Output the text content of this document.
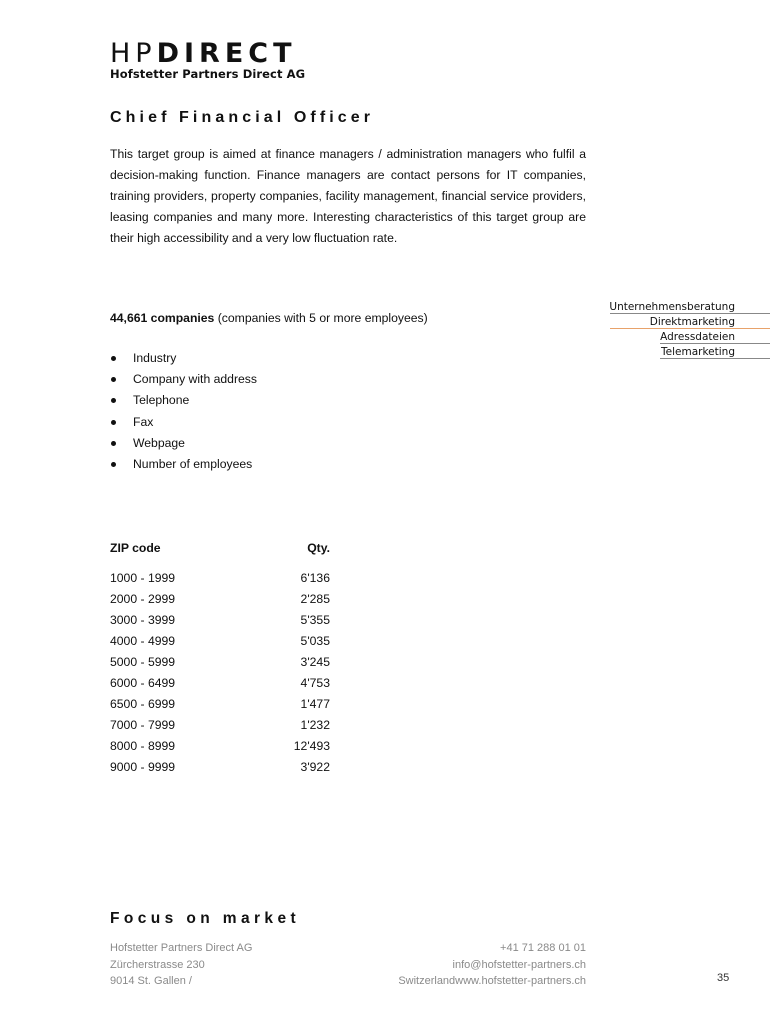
HPDIRECT
Hofstetter Partners Direct AG
Chief Financial Officer

This target group is aimed at finance managers / administration managers who fulfil a decision-making function. Finance managers are contact persons for IT companies, training providers, property companies, facility management, financial service providers, leasing companies and many more. Interesting characteristics of this target group are their high accessibility and a very low fluctuation rate.

44,661 companies (companies with 5 or more employees)
Industry
Company with address
Telephone
Fax
Webpage
Number of employees
ZIP code	Qty.
1000 - 1999	6'136
2000 - 2999	2'285
3000 - 3999	5'355
4000 - 4999	5'035
5000 - 5999	3'245
6000 - 6499	4'753
6500 - 6999	1'477
7000 - 7999	1'232
8000 - 8999	12'493
9000 - 9999	3'922
Unternehmensberatung
Direktmarketing
Adressdateien
Telemarketing
Focus on market
Hofstetter Partners Direct AG	+41 71 288 01 01
Zürcherstrasse 230	info@hofstetter-partners.ch
9014 St. Gallen /	Switzerlandwww.hofstetter-partners.ch	35
